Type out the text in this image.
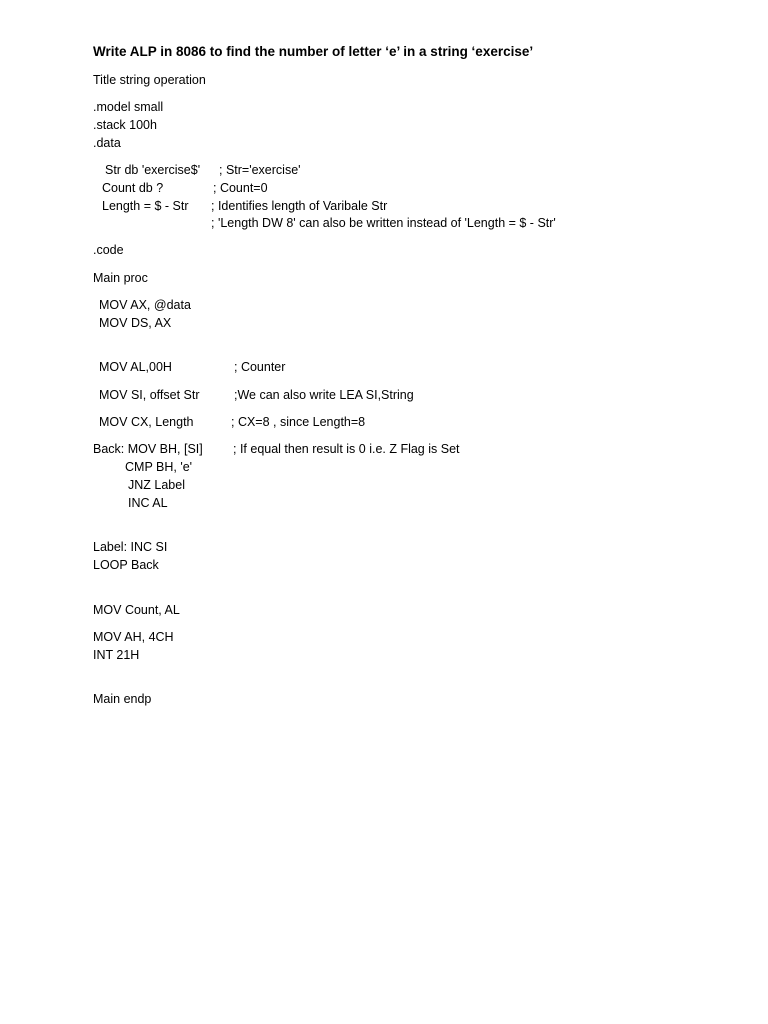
Write ALP in 8086 to find the number of letter ‘e’ in a string ‘exercise’
Title string operation
.model small
.stack 100h
.data
Str db 'exercise$' ; Str='exercise'
Count db ?	; Count=0
Length = $ - Str ; Identifies length of Varibale Str
; 'Length DW 8' can also be written instead of 'Length = $ - Str'
.code
Main proc
MOV AX, @data
MOV DS, AX
MOV AL,00H	; Counter
MOV SI, offset Str	;We can also write LEA SI,String
MOV CX, Length	; CX=8 , since Length=8
Back: MOV BH, [SI] ; If equal then result is 0 i.e. Z Flag is Set
CMP BH, 'e'
JNZ Label
INC AL
Label: INC SI
LOOP Back
MOV Count, AL
MOV AH, 4CH
INT 21H
Main endp
